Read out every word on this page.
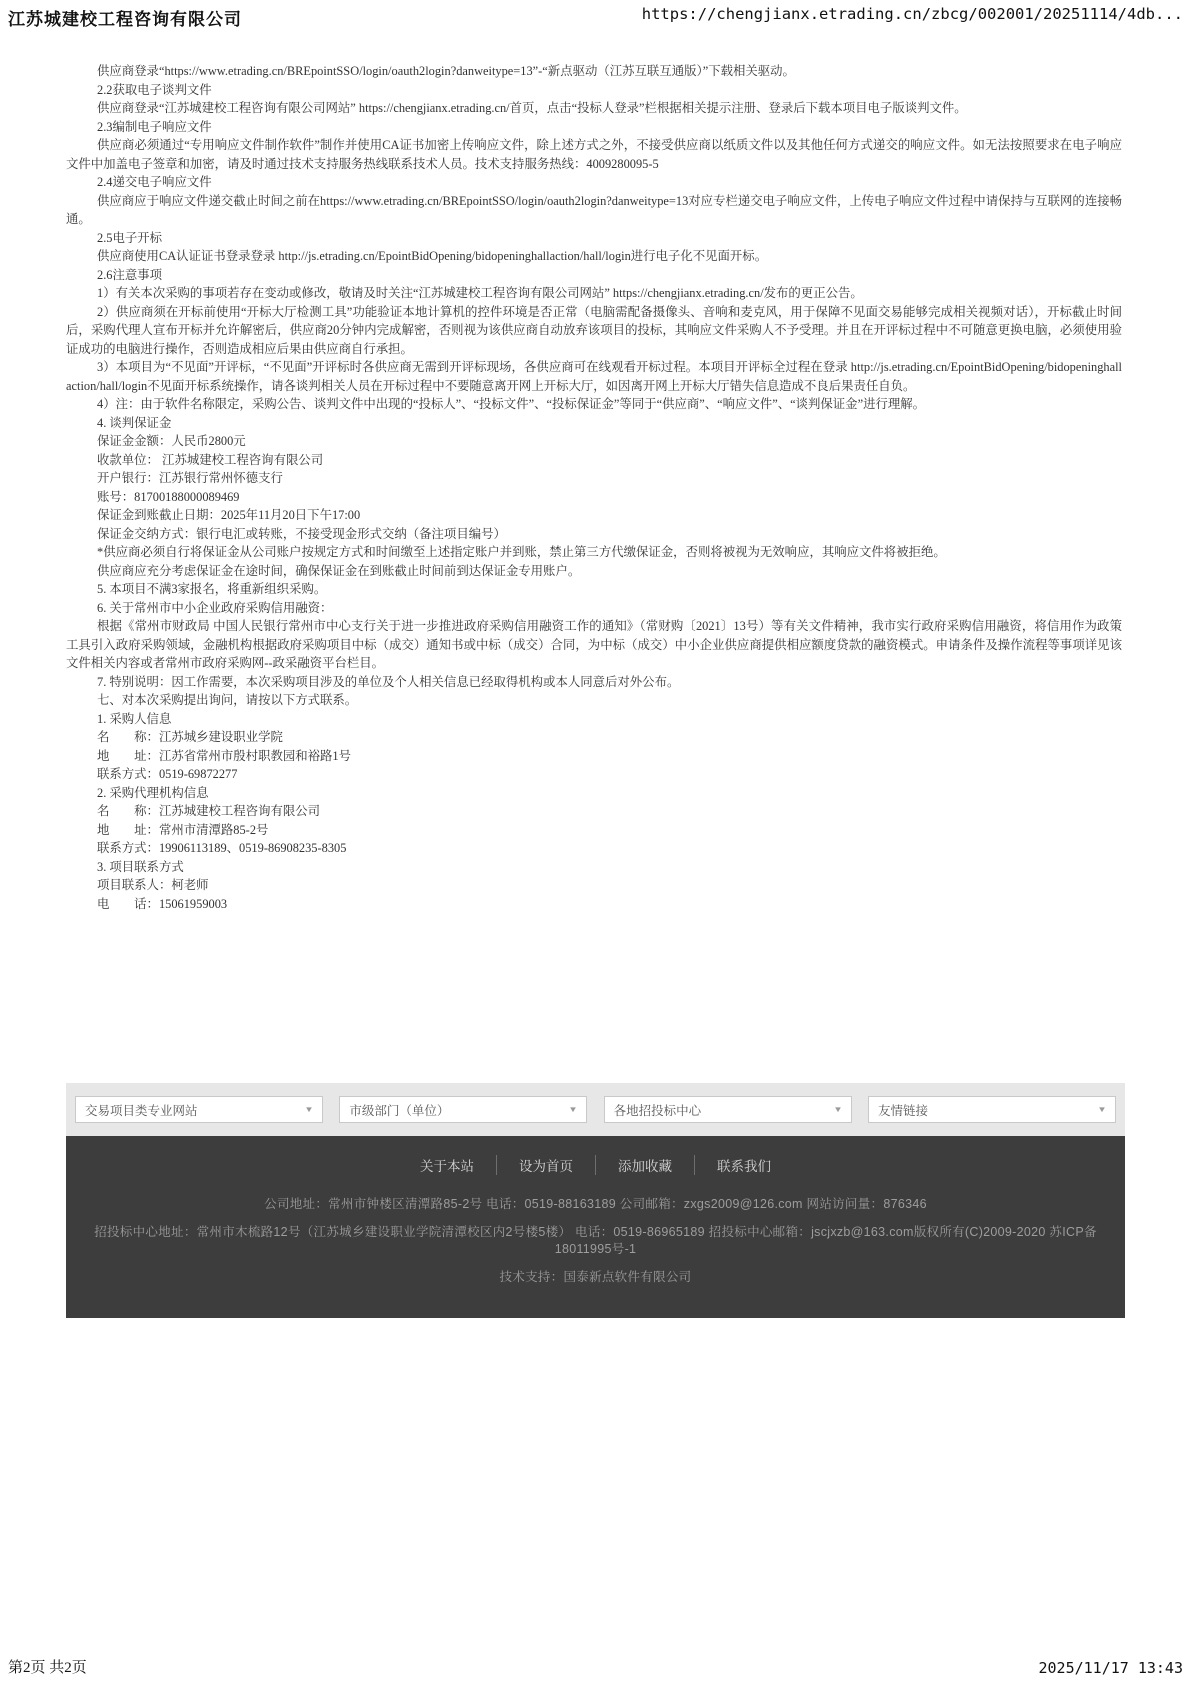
江苏城建校工程咨询有限公司	https://chengjianx.etrading.cn/zbcg/002001/20251114/4db...

供应商登录“https://www.etrading.cn/BREpointSSO/login/oauth2login?danweitype=13”-“新点驱动（江苏互联互通版）”下载相关驱动。

2.2获取电子谈判文件

供应商登录“江苏城建校工程咨询有限公司网站” https://chengjianx.etrading.cn/首页，点击“投标人登录”栏根据相关提示注册、登录后下载本项目电子版谈判文件。

2.3编制电子响应文件

供应商必须通过“专用响应文件制作软件”制作并使用CA证书加密上传响应文件，除上述方式之外，不接受供应商以纸质文件以及其他任何方式递交的响应文件。如无法按照要求在电子响应文件中加盖电子签章和加密，请及时通过技术支持服务热线联系技术人员。技术支持服务热线：4009280095-5

2.4递交电子响应文件

供应商应于响应文件递交截止时间之前在https://www.etrading.cn/BREpointSSO/login/oauth2login?danweitype=13对应专栏递交电子响应文件，上传电子响应文件过程中请保持与互联网的连接畅通。

2.5电子开标

供应商使用CA认证证书登录登录 http://js.etrading.cn/EpointBidOpening/bidopeninghallaction/hall/login进行电子化不见面开标。

2.6注意事项

1）有关本次采购的事项若存在变动或修改，敬请及时关注“江苏城建校工程咨询有限公司网站” https://chengjianx.etrading.cn/发布的更正公告。

2）供应商须在开标前使用“开标大厅检测工具”功能验证本地计算机的控件环境是否正常（电脑需配备摄像头、音响和麦克风，用于保障不见面交易能够完成相关视频对话），开标截止时间后，采购代理人宣布开标并允许解密后，供应商20分钟内完成解密，否则视为该供应商自动放弃该项目的投标，其响应文件采购人不予受理。并且在开评标过程中不可随意更换电脑，必须使用验证成功的电脑进行操作，否则造成相应后果由供应商自行承担。

3）本项目为“不见面”开评标，“不见面”开评标时各供应商无需到开评标现场，各供应商可在线观看开标过程。本项目开评标全过程在登录 http://js.etrading.cn/EpointBidOpening/bidopeninghallaction/hall/login不见面开标系统操作，请各谈判相关人员在开标过程中不要随意离开网上开标大厅，如因离开网上开标大厅错失信息造成不良后果责任自负。

4）注：由于软件名称限定，采购公告、谈判文件中出现的“投标人”、“投标文件”、“投标保证金”等同于“供应商”、“响应文件”、“谈判保证金”进行理解。

4. 谈判保证金

保证金金额：人民币2800元

收款单位： 江苏城建校工程咨询有限公司

开户银行：江苏银行常州怀德支行

账号：81700188000089469

保证金到账截止日期：2025年11月20日下午17:00

保证金交纳方式：银行电汇或转账，不接受现金形式交纳（备注项目编号）

*供应商必须自行将保证金从公司账户按规定方式和时间缴至上述指定账户并到账，禁止第三方代缴保证金，否则将被视为无效响应，其响应文件将被拒绝。

供应商应充分考虑保证金在途时间，确保保证金在到账截止时间前到达保证金专用账户。

5. 本项目不满3家报名，将重新组织采购。

6. 关于常州市中小企业政府采购信用融资：

根据《常州市财政局 中国人民银行常州市中心支行关于进一步推进政府采购信用融资工作的通知》（常财购〔2021〕13号）等有关文件精神，我市实行政府采购信用融资，将信用作为政策工具引入政府采购领域，金融机构根据政府采购项目中标（成交）通知书或中标（成交）合同，为中标（成交）中小企业供应商提供相应额度贷款的融资模式。申请条件及操作流程等事项详见该文件相关内容或者常州市政府采购网--政采融资平台栏目。

7. 特别说明：因工作需要，本次采购项目涉及的单位及个人相关信息已经取得机构或本人同意后对外公布。

七、对本次采购提出询问，请按以下方式联系。

1. 采购人信息

名　　称：江苏城乡建设职业学院

地　　址：江苏省常州市殷村职教园和裕路1号

联系方式：0519-69872277

2. 采购代理机构信息

名　　称：江苏城建校工程咨询有限公司

地　　址：常州市清潭路85-2号

联系方式：19906113189、0519-86908235-8305

3. 项目联系方式

项目联系人：柯老师

电　　话：15061959003

交易项目类专业网站	▼	市级部门（单位）	▼	各地招投标中心	▼	友情链接	▼
关于本站	设为首页	添加收藏	联系我们
公司地址：常州市钟楼区清潭路85-2号 电话：0519-88163189 公司邮箱：zxgs2009@126.com 网站访问量：876346
招投标中心地址：常州市木梳路12号（江苏城乡建设职业学院清潭校区内2号楼5楼） 电话：0519-86965189 招投标中心邮箱：jscjxzb@163.com版权所有(C)2009-2020 苏ICP备18011995号-1
技术支持：国泰新点软件有限公司
第2页 共2页	2025/11/17 13:43
